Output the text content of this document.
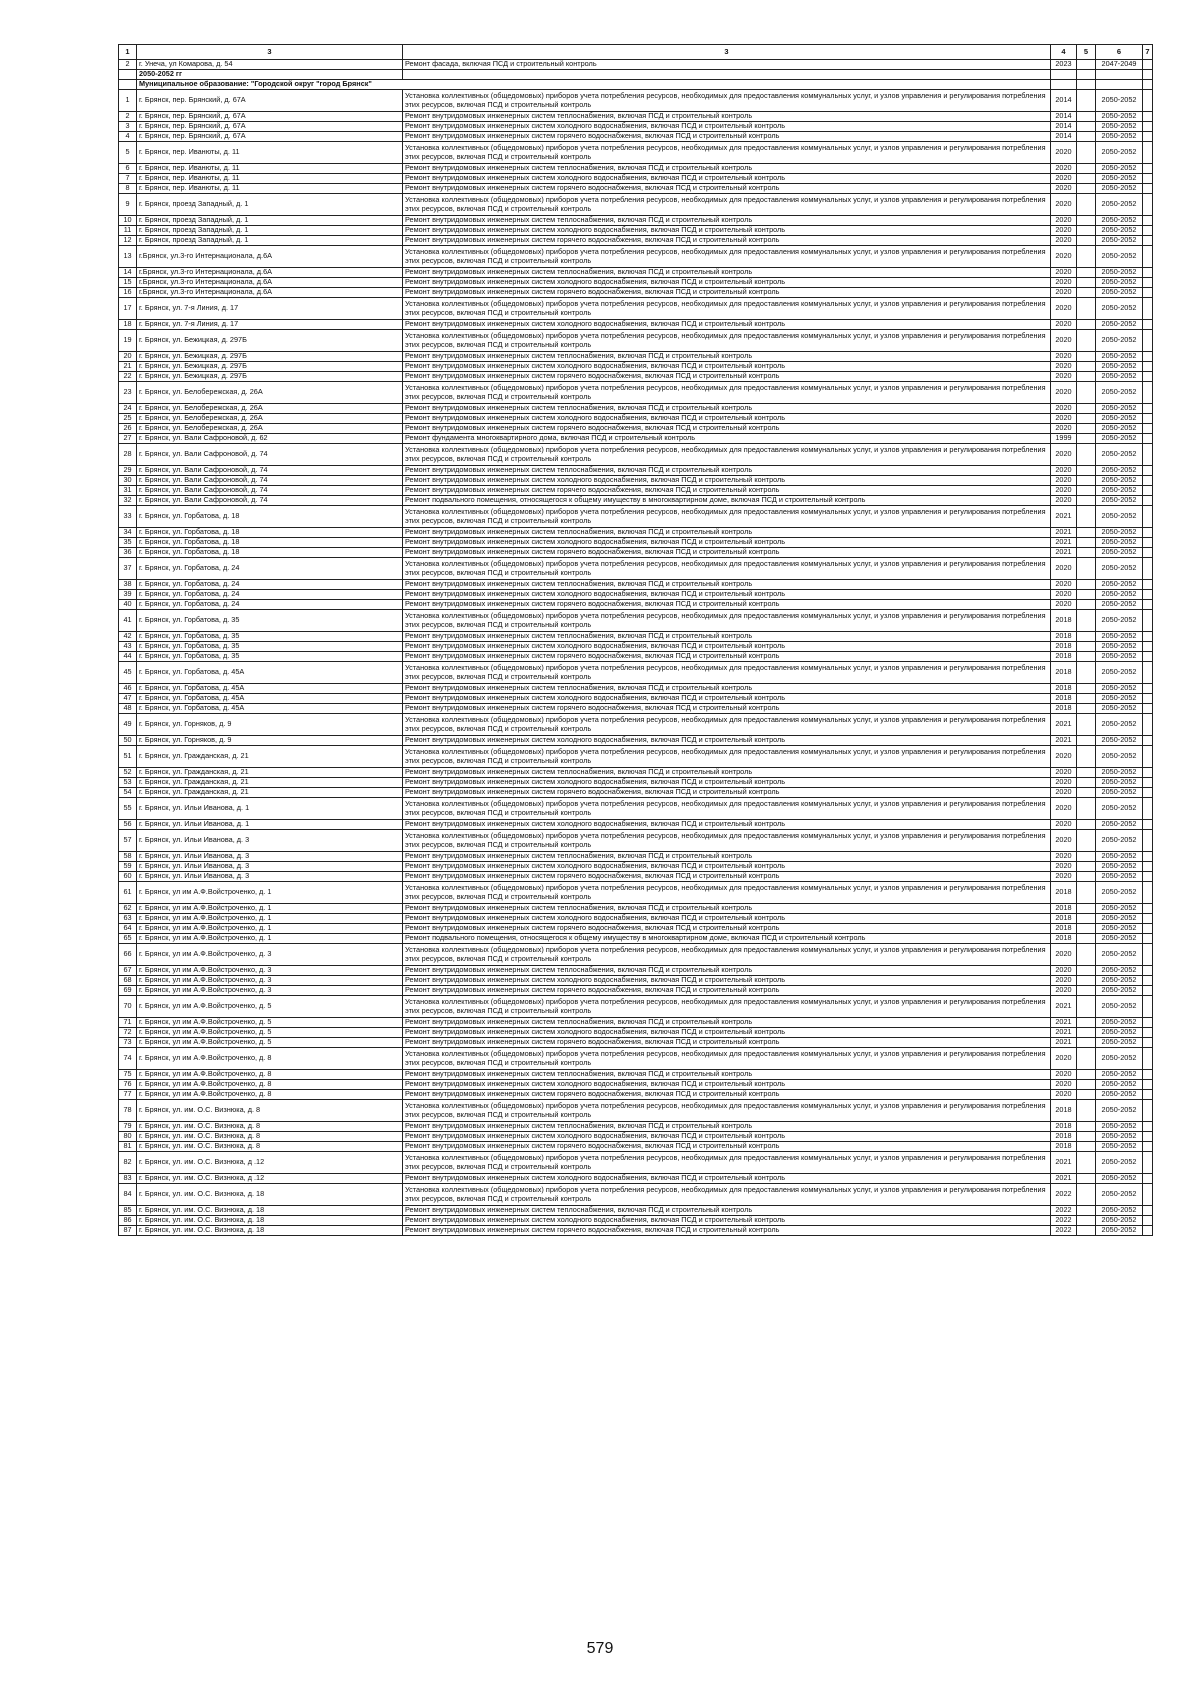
1	3	3	4	5	6	7
2	г. Унеча, ул Комарова, д. 54	Ремонт фасада, включая ПСД и строительный контроль	2023		2047-2049	
	2050-2052 гг					
	Муниципальное образование: "Городской округ "город Брянск"					
1	г. Брянск, пер. Брянский, д. 67А	Установка коллективных (общедомовых) приборов учета потребления ресурсов, необходимых для предоставления коммунальных услуг, и узлов управления и регулирования потребления этих ресурсов, включая ПСД и строительный контроль	2014		2050-2052	
2	г. Брянск, пер. Брянский, д. 67А	Ремонт внутридомовых инженерных систем теплоснабжения, включая ПСД и строительный контроль	2014		2050-2052	
3	г. Брянск, пер. Брянский, д. 67А	Ремонт внутридомовых инженерных систем холодного водоснабжения, включая ПСД и строительный контроль	2014		2050-2052	
4	г. Брянск, пер. Брянский, д. 67А	Ремонт внутридомовых инженерных систем горячего водоснабжения, включая ПСД и строительный контроль	2014		2050-2052	
5	г. Брянск, пер. Иванюты, д. 11	Установка коллективных (общедомовых) приборов учета потребления ресурсов, необходимых для предоставления коммунальных услуг, и узлов управления и регулирования потребления этих ресурсов, включая ПСД и строительный контроль	2020		2050-2052	
6	г. Брянск, пер. Иванюты, д. 11	Ремонт внутридомовых инженерных систем теплоснабжения, включая ПСД и строительный контроль	2020		2050-2052	
7	г. Брянск, пер. Иванюты, д. 11	Ремонт внутридомовых инженерных систем холодного водоснабжения, включая ПСД и строительный контроль	2020		2050-2052	
8	г. Брянск, пер. Иванюты, д. 11	Ремонт внутридомовых инженерных систем горячего водоснабжения, включая ПСД и строительный контроль	2020		2050-2052	
9	г. Брянск, проезд Западный, д. 1	Установка коллективных (общедомовых) приборов учета потребления ресурсов, необходимых для предоставления коммунальных услуг, и узлов управления и регулирования потребления этих ресурсов, включая ПСД и строительный контроль	2020		2050-2052	
10	г. Брянск, проезд Западный, д. 1	Ремонт внутридомовых инженерных систем теплоснабжения, включая ПСД и строительный контроль	2020		2050-2052	
11	г. Брянск, проезд Западный, д. 1	Ремонт внутридомовых инженерных систем холодного водоснабжения, включая ПСД и строительный контроль	2020		2050-2052	
12	г. Брянск, проезд Западный, д. 1	Ремонт внутридомовых инженерных систем горячего водоснабжения, включая ПСД и строительный контроль	2020		2050-2052	
13	г.Брянск, ул.3-го Интернационала, д.6А	Установка коллективных (общедомовых) приборов учета потребления ресурсов, необходимых для предоставления коммунальных услуг, и узлов управления и регулирования потребления этих ресурсов, включая ПСД и строительный контроль	2020		2050-2052	
14	г.Брянск, ул.3-го Интернационала, д.6А	Ремонт внутридомовых инженерных систем теплоснабжения, включая ПСД и строительный контроль	2020		2050-2052	
15	г.Брянск, ул.3-го Интернационала, д.6А	Ремонт внутридомовых инженерных систем холодного водоснабжения, включая ПСД и строительный контроль	2020		2050-2052	
16	г.Брянск, ул.3-го Интернационала, д.6А	Ремонт внутридомовых инженерных систем горячего водоснабжения, включая ПСД и строительный контроль	2020		2050-2052	
17	г. Брянск, ул. 7-я Линия, д. 17	Установка коллективных (общедомовых) приборов учета потребления ресурсов, необходимых для предоставления коммунальных услуг, и узлов управления и регулирования потребления этих ресурсов, включая ПСД и строительный контроль	2020		2050-2052	
18	г. Брянск, ул. 7-я Линия, д. 17	Ремонт внутридомовых инженерных систем холодного водоснабжения, включая ПСД и строительный контроль	2020		2050-2052	
19	г. Брянск, ул. Бежицкая, д. 297Б	Установка коллективных (общедомовых) приборов учета потребления ресурсов, необходимых для предоставления коммунальных услуг, и узлов управления и регулирования потребления этих ресурсов, включая ПСД и строительный контроль	2020		2050-2052	
20	г. Брянск, ул. Бежицкая, д. 297Б	Ремонт внутридомовых инженерных систем теплоснабжения, включая ПСД и строительный контроль	2020		2050-2052	
21	г. Брянск, ул. Бежицкая, д. 297Б	Ремонт внутридомовых инженерных систем холодного водоснабжения, включая ПСД и строительный контроль	2020		2050-2052	
22	г. Брянск, ул. Бежицкая, д. 297Б	Ремонт внутридомовых инженерных систем горячего водоснабжения, включая ПСД и строительный контроль	2020		2050-2052	
23	г. Брянск, ул. Белобережская, д. 26А	Установка коллективных (общедомовых) приборов учета потребления ресурсов, необходимых для предоставления коммунальных услуг, и узлов управления и регулирования потребления этих ресурсов, включая ПСД и строительный контроль	2020		2050-2052	
24	г. Брянск, ул. Белобережская, д. 26А	Ремонт внутридомовых инженерных систем теплоснабжения, включая ПСД и строительный контроль	2020		2050-2052	
25	г. Брянск, ул. Белобережская, д. 26А	Ремонт внутридомовых инженерных систем холодного водоснабжения, включая ПСД и строительный контроль	2020		2050-2052	
26	г. Брянск, ул. Белобережская, д. 26А	Ремонт внутридомовых инженерных систем горячего водоснабжения, включая ПСД и строительный контроль	2020		2050-2052	
27	г. Брянск, ул. Вали Сафроновой, д. 62	Ремонт фундамента многоквартирного дома, включая ПСД и строительный контроль	1999		2050-2052	
28	г. Брянск, ул. Вали Сафроновой, д. 74	Установка коллективных (общедомовых) приборов учета потребления ресурсов, необходимых для предоставления коммунальных услуг, и узлов управления и регулирования потребления этих ресурсов, включая ПСД и строительный контроль	2020		2050-2052	
29	г. Брянск, ул. Вали Сафроновой, д. 74	Ремонт внутридомовых инженерных систем теплоснабжения, включая ПСД и строительный контроль	2020		2050-2052	
30	г. Брянск, ул. Вали Сафроновой, д. 74	Ремонт внутридомовых инженерных систем холодного водоснабжения, включая ПСД и строительный контроль	2020		2050-2052	
31	г. Брянск, ул. Вали Сафроновой, д. 74	Ремонт внутридомовых инженерных систем горячего водоснабжения, включая ПСД и строительный контроль	2020		2050-2052	
32	г. Брянск, ул. Вали Сафроновой, д. 74	Ремонт подвального помещения, относящегося к общему имуществу в многоквартирном доме, включая ПСД и строительный контроль	2020		2050-2052	
33	г. Брянск, ул. Горбатова, д. 18	Установка коллективных (общедомовых) приборов учета потребления ресурсов, необходимых для предоставления коммунальных услуг, и узлов управления и регулирования потребления этих ресурсов, включая ПСД и строительный контроль	2021		2050-2052	
34	г. Брянск, ул. Горбатова, д. 18	Ремонт внутридомовых инженерных систем теплоснабжения, включая ПСД и строительный контроль	2021		2050-2052	
35	г. Брянск, ул. Горбатова, д. 18	Ремонт внутридомовых инженерных систем холодного водоснабжения, включая ПСД и строительный контроль	2021		2050-2052	
36	г. Брянск, ул. Горбатова, д. 18	Ремонт внутридомовых инженерных систем горячего водоснабжения, включая ПСД и строительный контроль	2021		2050-2052	
37	г. Брянск, ул. Горбатова, д. 24	Установка коллективных (общедомовых) приборов учета потребления ресурсов, необходимых для предоставления коммунальных услуг, и узлов управления и регулирования потребления этих ресурсов, включая ПСД и строительный контроль	2020		2050-2052	
38	г. Брянск, ул. Горбатова, д. 24	Ремонт внутридомовых инженерных систем теплоснабжения, включая ПСД и строительный контроль	2020		2050-2052	
39	г. Брянск, ул. Горбатова, д. 24	Ремонт внутридомовых инженерных систем холодного водоснабжения, включая ПСД и строительный контроль	2020		2050-2052	
40	г. Брянск, ул. Горбатова, д. 24	Ремонт внутридомовых инженерных систем горячего водоснабжения, включая ПСД и строительный контроль	2020		2050-2052	
41	г. Брянск, ул. Горбатова, д. 35	Установка коллективных (общедомовых) приборов учета потребления ресурсов, необходимых для предоставления коммунальных услуг, и узлов управления и регулирования потребления этих ресурсов, включая ПСД и строительный контроль	2018		2050-2052	
42	г. Брянск, ул. Горбатова, д. 35	Ремонт внутридомовых инженерных систем теплоснабжения, включая ПСД и строительный контроль	2018		2050-2052	
43	г. Брянск, ул. Горбатова, д. 35	Ремонт внутридомовых инженерных систем холодного водоснабжения, включая ПСД и строительный контроль	2018		2050-2052	
44	г. Брянск, ул. Горбатова, д. 35	Ремонт внутридомовых инженерных систем горячего водоснабжения, включая ПСД и строительный контроль	2018		2050-2052	
45	г. Брянск, ул. Горбатова, д. 45А	Установка коллективных (общедомовых) приборов учета потребления ресурсов, необходимых для предоставления коммунальных услуг, и узлов управления и регулирования потребления этих ресурсов, включая ПСД и строительный контроль	2018		2050-2052	
46	г. Брянск, ул. Горбатова, д. 45А	Ремонт внутридомовых инженерных систем теплоснабжения, включая ПСД и строительный контроль	2018		2050-2052	
47	г. Брянск, ул. Горбатова, д. 45А	Ремонт внутридомовых инженерных систем холодного водоснабжения, включая ПСД и строительный контроль	2018		2050-2052	
48	г. Брянск, ул. Горбатова, д. 45А	Ремонт внутридомовых инженерных систем горячего водоснабжения, включая ПСД и строительный контроль	2018		2050-2052	
49	г. Брянск, ул. Горняков, д. 9	Установка коллективных (общедомовых) приборов учета потребления ресурсов, необходимых для предоставления коммунальных услуг, и узлов управления и регулирования потребления этих ресурсов, включая ПСД и строительный контроль	2021		2050-2052	
50	г. Брянск, ул. Горняков, д. 9	Ремонт внутридомовых инженерных систем холодного водоснабжения, включая ПСД и строительный контроль	2021		2050-2052	
51	г. Брянск, ул. Гражданская, д. 21	Установка коллективных (общедомовых) приборов учета потребления ресурсов, необходимых для предоставления коммунальных услуг, и узлов управления и регулирования потребления этих ресурсов, включая ПСД и строительный контроль	2020		2050-2052	
52	г. Брянск, ул. Гражданская, д. 21	Ремонт внутридомовых инженерных систем теплоснабжения, включая ПСД и строительный контроль	2020		2050-2052	
53	г. Брянск, ул. Гражданская, д. 21	Ремонт внутридомовых инженерных систем холодного водоснабжения, включая ПСД и строительный контроль	2020		2050-2052	
54	г. Брянск, ул. Гражданская, д. 21	Ремонт внутридомовых инженерных систем горячего водоснабжения, включая ПСД и строительный контроль	2020		2050-2052	
55	г. Брянск, ул. Ильи Иванова, д. 1	Установка коллективных (общедомовых) приборов учета потребления ресурсов, необходимых для предоставления коммунальных услуг, и узлов управления и регулирования потребления этих ресурсов, включая ПСД и строительный контроль	2020		2050-2052	
56	г. Брянск, ул. Ильи Иванова, д. 1	Ремонт внутридомовых инженерных систем холодного водоснабжения, включая ПСД и строительный контроль	2020		2050-2052	
57	г. Брянск, ул. Ильи Иванова, д. 3	Установка коллективных (общедомовых) приборов учета потребления ресурсов, необходимых для предоставления коммунальных услуг, и узлов управления и регулирования потребления этих ресурсов, включая ПСД и строительный контроль	2020		2050-2052	
58	г. Брянск, ул. Ильи Иванова, д. 3	Ремонт внутридомовых инженерных систем теплоснабжения, включая ПСД и строительный контроль	2020		2050-2052	
59	г. Брянск, ул. Ильи Иванова, д. 3	Ремонт внутридомовых инженерных систем холодного водоснабжения, включая ПСД и строительный контроль	2020		2050-2052	
60	г. Брянск, ул. Ильи Иванова, д. 3	Ремонт внутридомовых инженерных систем горячего водоснабжения, включая ПСД и строительный контроль	2020		2050-2052	
61	г. Брянск, ул им А.Ф.Войстроченко, д. 1	Установка коллективных (общедомовых) приборов учета потребления ресурсов, необходимых для предоставления коммунальных услуг, и узлов управления и регулирования потребления этих ресурсов, включая ПСД и строительный контроль	2018		2050-2052	
62	г. Брянск, ул им А.Ф.Войстроченко, д. 1	Ремонт внутридомовых инженерных систем теплоснабжения, включая ПСД и строительный контроль	2018		2050-2052	
63	г. Брянск, ул им А.Ф.Войстроченко, д. 1	Ремонт внутридомовых инженерных систем холодного водоснабжения, включая ПСД и строительный контроль	2018		2050-2052	
64	г. Брянск, ул им А.Ф.Войстроченко, д. 1	Ремонт внутридомовых инженерных систем горячего водоснабжения, включая ПСД и строительный контроль	2018		2050-2052	
65	г. Брянск, ул им А.Ф.Войстроченко, д. 1	Ремонт подвального помещения, относящегося к общему имуществу в многоквартирном доме, включая ПСД и строительный контроль	2018		2050-2052	
66	г. Брянск, ул им А.Ф.Войстроченко, д. 3	Установка коллективных (общедомовых) приборов учета потребления ресурсов, необходимых для предоставления коммунальных услуг, и узлов управления и регулирования потребления этих ресурсов, включая ПСД и строительный контроль	2020		2050-2052	
67	г. Брянск, ул им А.Ф.Войстроченко, д. 3	Ремонт внутридомовых инженерных систем теплоснабжения, включая ПСД и строительный контроль	2020		2050-2052	
68	г. Брянск, ул им А.Ф.Войстроченко, д. 3	Ремонт внутридомовых инженерных систем холодного водоснабжения, включая ПСД и строительный контроль	2020		2050-2052	
69	г. Брянск, ул им А.Ф.Войстроченко, д. 3	Ремонт внутридомовых инженерных систем горячего водоснабжения, включая ПСД и строительный контроль	2020		2050-2052	
70	г. Брянск, ул им А.Ф.Войстроченко, д. 5	Установка коллективных (общедомовых) приборов учета потребления ресурсов, необходимых для предоставления коммунальных услуг, и узлов управления и регулирования потребления этих ресурсов, включая ПСД и строительный контроль	2021		2050-2052	
71	г. Брянск, ул им А.Ф.Войстроченко, д. 5	Ремонт внутридомовых инженерных систем теплоснабжения, включая ПСД и строительный контроль	2021		2050-2052	
72	г. Брянск, ул им А.Ф.Войстроченко, д. 5	Ремонт внутридомовых инженерных систем холодного водоснабжения, включая ПСД и строительный контроль	2021		2050-2052	
73	г. Брянск, ул им А.Ф.Войстроченко, д. 5	Ремонт внутридомовых инженерных систем горячего водоснабжения, включая ПСД и строительный контроль	2021		2050-2052	
74	г. Брянск, ул им А.Ф.Войстроченко, д. 8	Установка коллективных (общедомовых) приборов учета потребления ресурсов, необходимых для предоставления коммунальных услуг, и узлов управления и регулирования потребления этих ресурсов, включая ПСД и строительный контроль	2020		2050-2052	
75	г. Брянск, ул им А.Ф.Войстроченко, д. 8	Ремонт внутридомовых инженерных систем теплоснабжения, включая ПСД и строительный контроль	2020		2050-2052	
76	г. Брянск, ул им А.Ф.Войстроченко, д. 8	Ремонт внутридомовых инженерных систем холодного водоснабжения, включая ПСД и строительный контроль	2020		2050-2052	
77	г. Брянск, ул им А.Ф.Войстроченко, д. 8	Ремонт внутридомовых инженерных систем горячего водоснабжения, включая ПСД и строительный контроль	2020		2050-2052	
78	г. Брянск, ул. им. О.С. Визнюка, д. 8	Установка коллективных (общедомовых) приборов учета потребления ресурсов, необходимых для предоставления коммунальных услуг, и узлов управления и регулирования потребления этих ресурсов, включая ПСД и строительный контроль	2018		2050-2052	
79	г. Брянск, ул. им. О.С. Визнюка, д. 8	Ремонт внутридомовых инженерных систем теплоснабжения, включая ПСД и строительный контроль	2018		2050-2052	
80	г. Брянск, ул. им. О.С. Визнюка, д. 8	Ремонт внутридомовых инженерных систем холодного водоснабжения, включая ПСД и строительный контроль	2018		2050-2052	
81	г. Брянск, ул. им. О.С. Визнюка, д. 8	Ремонт внутридомовых инженерных систем горячего водоснабжения, включая ПСД и строительный контроль	2018		2050-2052	
82	г. Брянск, ул. им. О.С. Визнюка, д .12	Установка коллективных (общедомовых) приборов учета потребления ресурсов, необходимых для предоставления коммунальных услуг, и узлов управления и регулирования потребления этих ресурсов, включая ПСД и строительный контроль	2021		2050-2052	
83	г. Брянск, ул. им. О.С. Визнюка, д .12	Ремонт внутридомовых инженерных систем холодного водоснабжения, включая ПСД и строительный контроль	2021		2050-2052	
84	г. Брянск, ул. им. О.С. Визнюка, д. 18	Установка коллективных (общедомовых) приборов учета потребления ресурсов, необходимых для предоставления коммунальных услуг, и узлов управления и регулирования потребления этих ресурсов, включая ПСД и строительный контроль	2022		2050-2052	
85	г. Брянск, ул. им. О.С. Визнюка, д. 18	Ремонт внутридомовых инженерных систем теплоснабжения, включая ПСД и строительный контроль	2022		2050-2052	
86	г. Брянск, ул. им. О.С. Визнюка, д. 18	Ремонт внутридомовых инженерных систем холодного водоснабжения, включая ПСД и строительный контроль	2022		2050-2052	
87	г. Брянск, ул. им. О.С. Визнюка, д. 18	Ремонт внутридомовых инженерных систем горячего водоснабжения, включая ПСД и строительный контроль	2022		2050-2052	
579
